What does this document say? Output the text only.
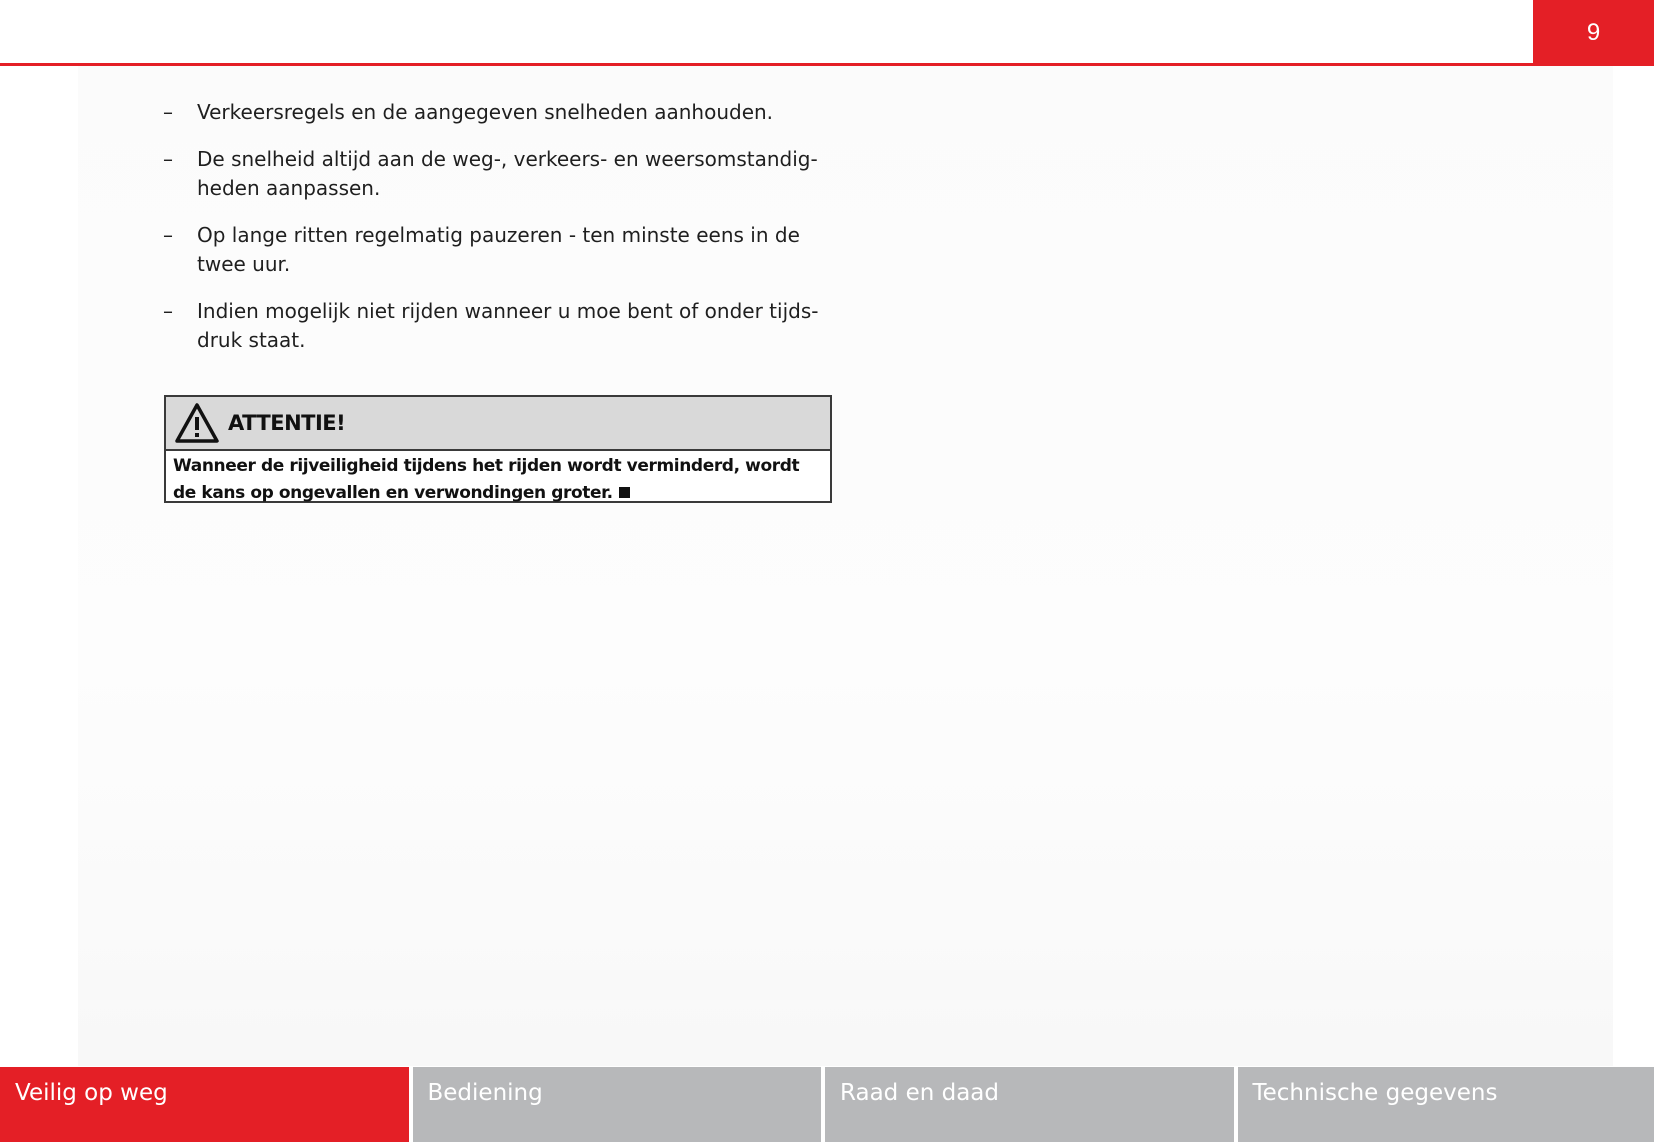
9
–	Verkeersregels en de aangegeven snelheden aanhouden.
–	De snelheid altijd aan de weg-, verkeers- en weersomstandig-heden aanpassen.
–	Op lange ritten regelmatig pauzeren - ten minste eens in de twee uur.
–	Indien mogelijk niet rijden wanneer u moe bent of onder tijds-druk staat.
ATTENTIE!
Wanneer de rijveiligheid tijdens het rijden wordt verminderd, wordt de kans op ongevallen en verwondingen groter.
Veilig op weg	Bediening	Raad en daad	Technische gegevens
